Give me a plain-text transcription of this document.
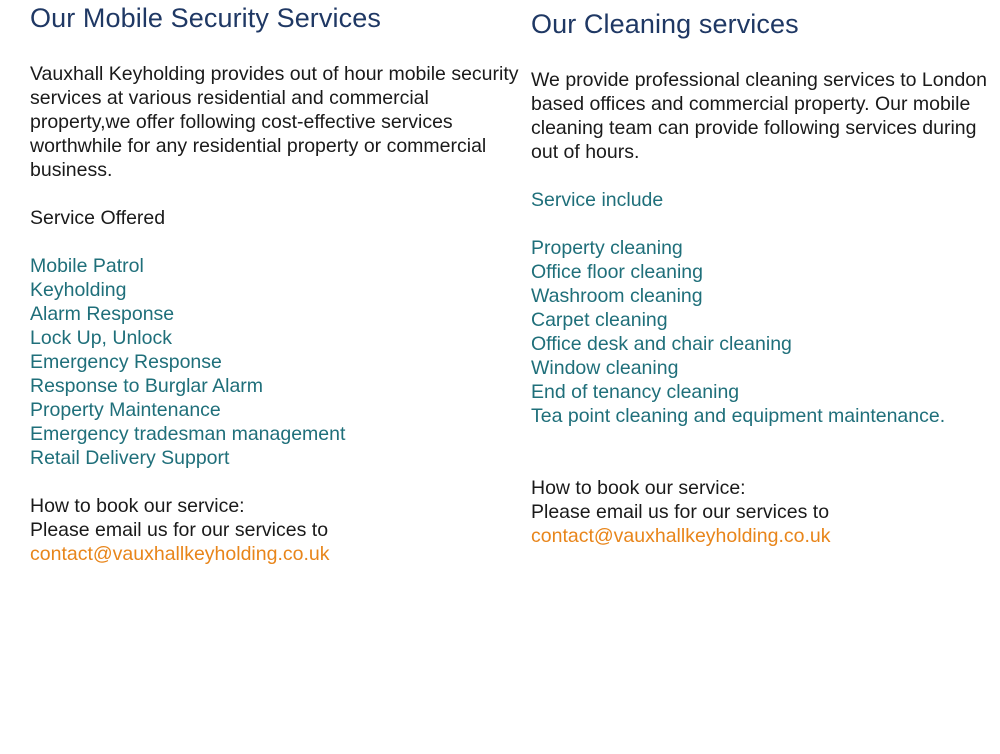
Our Mobile Security Services

Vauxhall Keyholding provides out of hour mobile security services at various residential and commercial property,we offer following cost-effective services worthwhile for any residential property or commercial business.

Service Offered

Mobile Patrol
Keyholding
Alarm Response
Lock Up, Unlock
Emergency Response
Response to Burglar Alarm
Property Maintenance
Emergency tradesman management
Retail Delivery Support
How to book our service:
Please email us for our services to
contact@vauxhallkeyholding.co.uk
Our Cleaning services

We provide professional cleaning services to London based offices and commercial property. Our mobile cleaning team can provide following services during out of hours.

Service include

Property cleaning
Office floor cleaning
Washroom cleaning
Carpet cleaning
Office desk and chair cleaning
Window cleaning
End of tenancy cleaning
Tea point cleaning and equipment maintenance.
How to book our service:
Please email us for our services to
contact@vauxhallkeyholding.co.uk
